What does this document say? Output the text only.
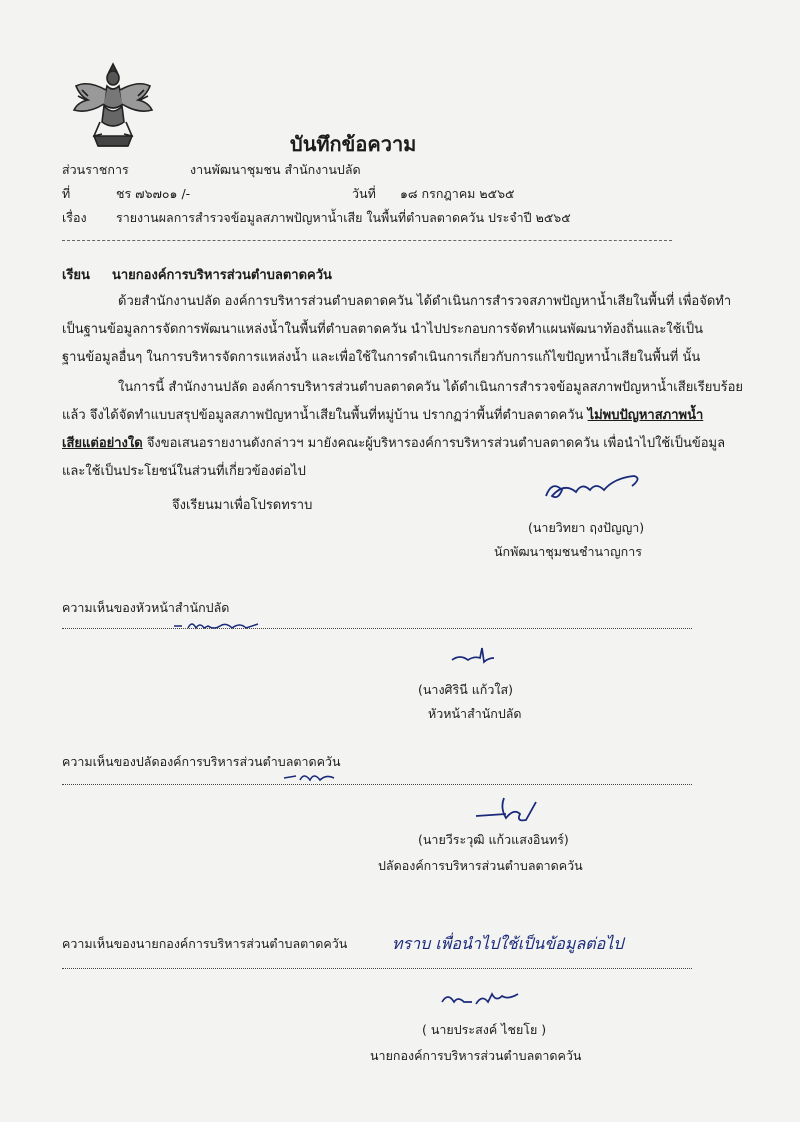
บันทึกข้อความ
ส่วนราชการ	งานพัฒนาชุมชน สำนักงานปลัด
ที่	ชร ๗๖๗๐๑ /-	วันที่ ๑๘ กรกฎาคม ๒๕๖๕
เรื่อง รายงานผลการสำรวจข้อมูลสภาพปัญหาน้ำเสีย ในพื้นที่ตำบลตาดควัน ประจำปี ๒๕๖๕
เรียน นายกองค์การบริหารส่วนตำบลตาดควัน
ด้วยสำนักงานปลัด องค์การบริหารส่วนตำบลตาดควัน ได้ดำเนินการสำรวจสภาพปัญหาน้ำเสียในพื้นที่ เพื่อจัดทำ
เป็นฐานข้อมูลการจัดการพัฒนาแหล่งน้ำในพื้นที่ตำบลตาดควัน นำไปประกอบการจัดทำแผนพัฒนาท้องถิ่นและใช้เป็น
ฐานข้อมูลอื่นๆ ในการบริหารจัดการแหล่งน้ำ และเพื่อใช้ในการดำเนินการเกี่ยวกับการแก้ไขปัญหาน้ำเสียในพื้นที่ นั้น
ในการนี้ สำนักงานปลัด องค์การบริหารส่วนตำบลตาดควัน ได้ดำเนินการสำรวจข้อมูลสภาพปัญหาน้ำเสียเรียบร้อย
แล้ว จึงได้จัดทำแบบสรุปข้อมูลสภาพปัญหาน้ำเสียในพื้นที่หมู่บ้าน ปรากฏว่าพื้นที่ตำบลตาดควัน ไม่พบปัญหาสภาพน้ำ
เสียแต่อย่างใด จึงขอเสนอรายงานดังกล่าวฯ มายังคณะผู้บริหารองค์การบริหารส่วนตำบลตาดควัน เพื่อนำไปใช้เป็นข้อมูล
และใช้เป็นประโยชน์ในส่วนที่เกี่ยวข้องต่อไป
จึงเรียนมาเพื่อโปรดทราบ
(นายวิทยา ฤงปัญญา)
นักพัฒนาชุมชนชำนาญการ
ความเห็นของหัวหน้าสำนักปลัด
(นางศิรินี แก้วใส)
หัวหน้าสำนักปลัด
ความเห็นของปลัดองค์การบริหารส่วนตำบลตาดควัน
(นายวีระวุฒิ แก้วแสงอินทร์)
ปลัดองค์การบริหารส่วนตำบลตาดควัน
ความเห็นของนายกองค์การบริหารส่วนตำบลตาดควัน	ทราบ เพื่อนำไปใช้เป็นข้อมูลต่อไป
( นายประสงค์ ไชยโย )
นายกองค์การบริหารส่วนตำบลตาดควัน
